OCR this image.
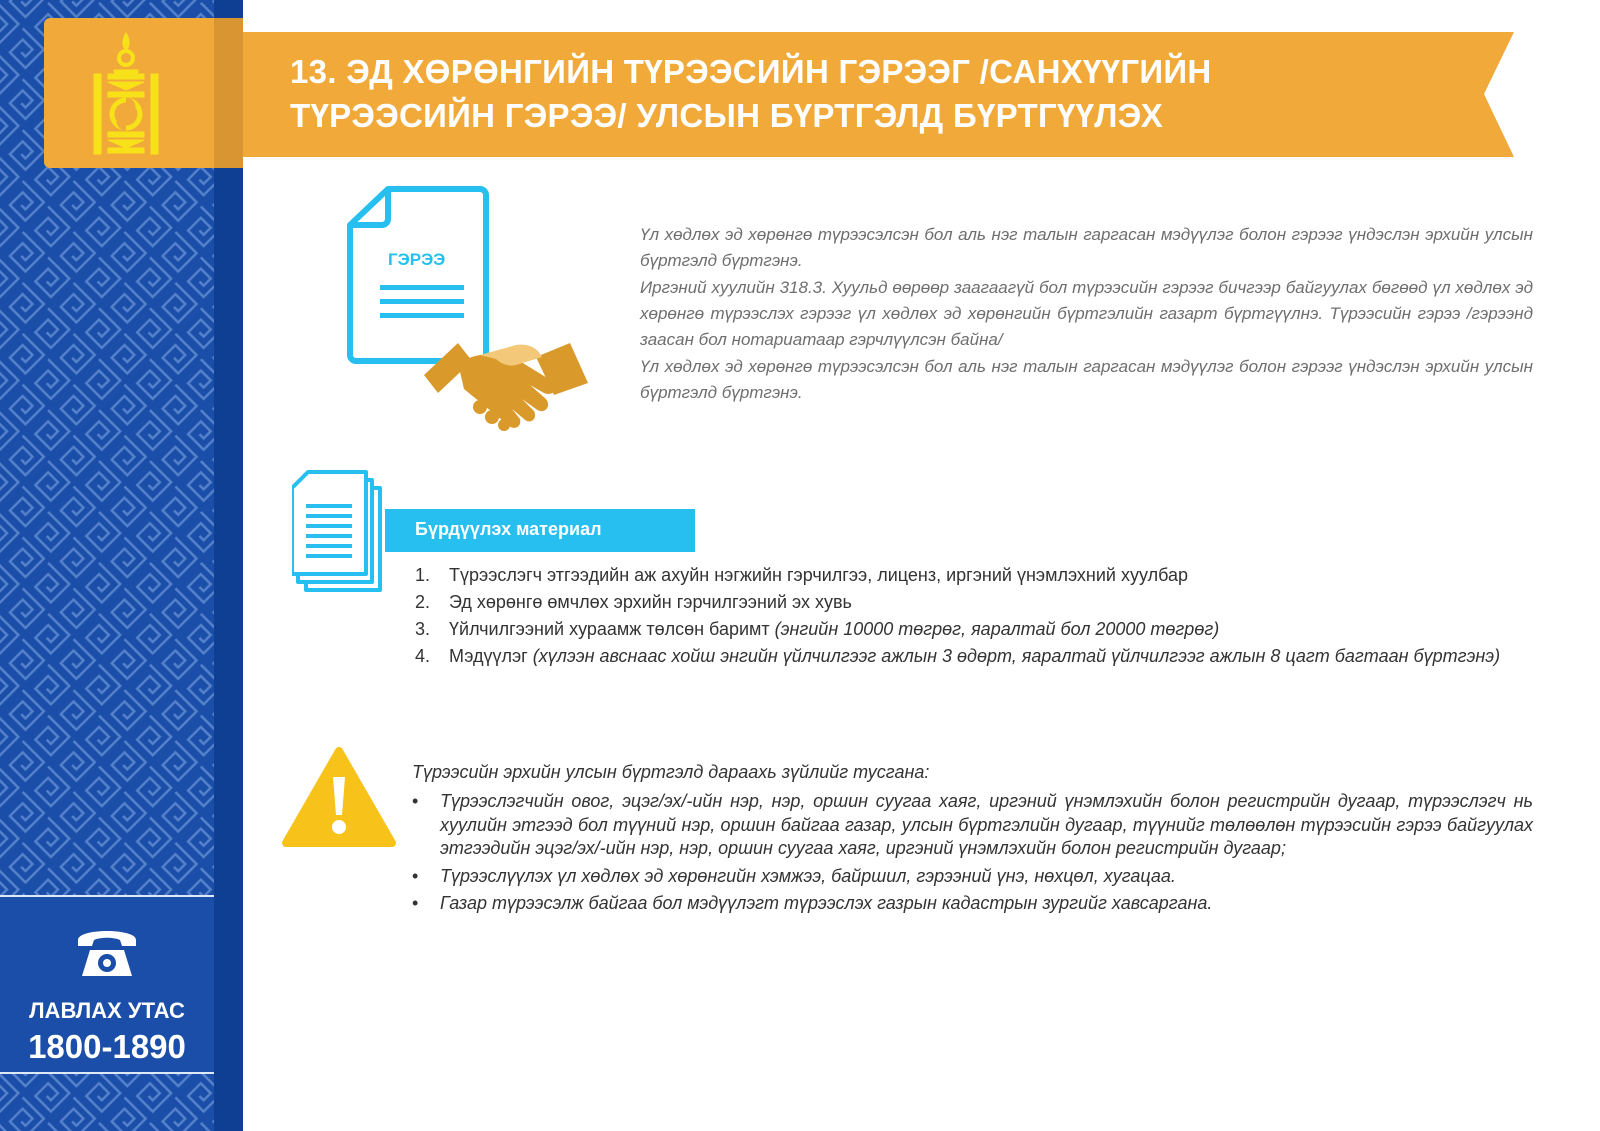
13. ЭД ХӨРӨНГИЙН ТҮРЭЭСИЙН ГЭРЭЭГ /САНХҮҮГИЙН
ТҮРЭЭСИЙН ГЭРЭЭ/ УЛСЫН БҮРТГЭЛД БҮРТГҮҮЛЭХ
ГЭРЭЭ

Үл хөдлөх эд хөрөнгө түрээсэлсэн бол аль нэг талын гаргасан мэдүүлэг болон гэрээг үндэслэн эрхийн улсын бүртгэлд бүртгэнэ.

Иргэний хуулийн 318.3. Хуульд өөрөөр заагаагүй бол түрээсийн гэрээг бичгээр байгуулах бөгөөд үл хөдлөх эд хөрөнгө түрээслэх гэрээг үл хөдлөх эд хөрөнгийн бүртгэлийн газарт бүртгүүлнэ. Түрээсийн гэрээ /гэрээнд заасан бол нотариатаар гэрчлүүлсэн байна/

Үл хөдлөх эд хөрөнгө түрээсэлсэн бол аль нэг талын гаргасан мэдүүлэг болон гэрээг үндэслэн эрхийн улсын бүртгэлд бүртгэнэ.

Бүрдүүлэх материал
1. Түрээслэгч этгээдийн аж ахуйн нэгжийн гэрчилгээ, лиценз, иргэний үнэмлэхний хуулбар
2. Эд хөрөнгө өмчлөх эрхийн гэрчилгээний эх хувь
3. Үйлчилгээний хураамж төлсөн баримт (энгийн 10000 төгрөг, яаралтай бол 20000 төгрөг)
4. Мэдүүлэг (хүлээн авснаас хойш энгийн үйлчилгээг ажлын 3 өдөрт, яаралтай үйлчилгээг ажлын 8 цагт багтаан бүртгэнэ)
Түрээсийн эрхийн улсын бүртгэлд дараахь зүйлийг тусгана:
• Түрээслэгчийн овог, эцэг/эх/-ийн нэр, нэр, оршин суугаа хаяг, иргэний үнэмлэхийн болон регистрийн дугаар, түрээслэгч нь хуулийн этгээд бол түүний нэр, оршин байгаа газар, улсын бүртгэлийн дугаар, түүнийг төлөөлөн түрээсийн гэрээ байгуулах этгээдийн эцэг/эх/-ийн нэр, нэр, оршин суугаа хаяг, иргэний үнэмлэхийн болон регистрийн дугаар;
• Түрээслүүлэх үл хөдлөх эд хөрөнгийн хэмжээ, байршил, гэрээний үнэ, нөхцөл, хугацаа.
• Газар түрээсэлж байгаа бол мэдүүлэгт түрээслэх газрын кадастрын зургийг хавсаргана.
ЛАВЛАХ УТАС
1800-1890
